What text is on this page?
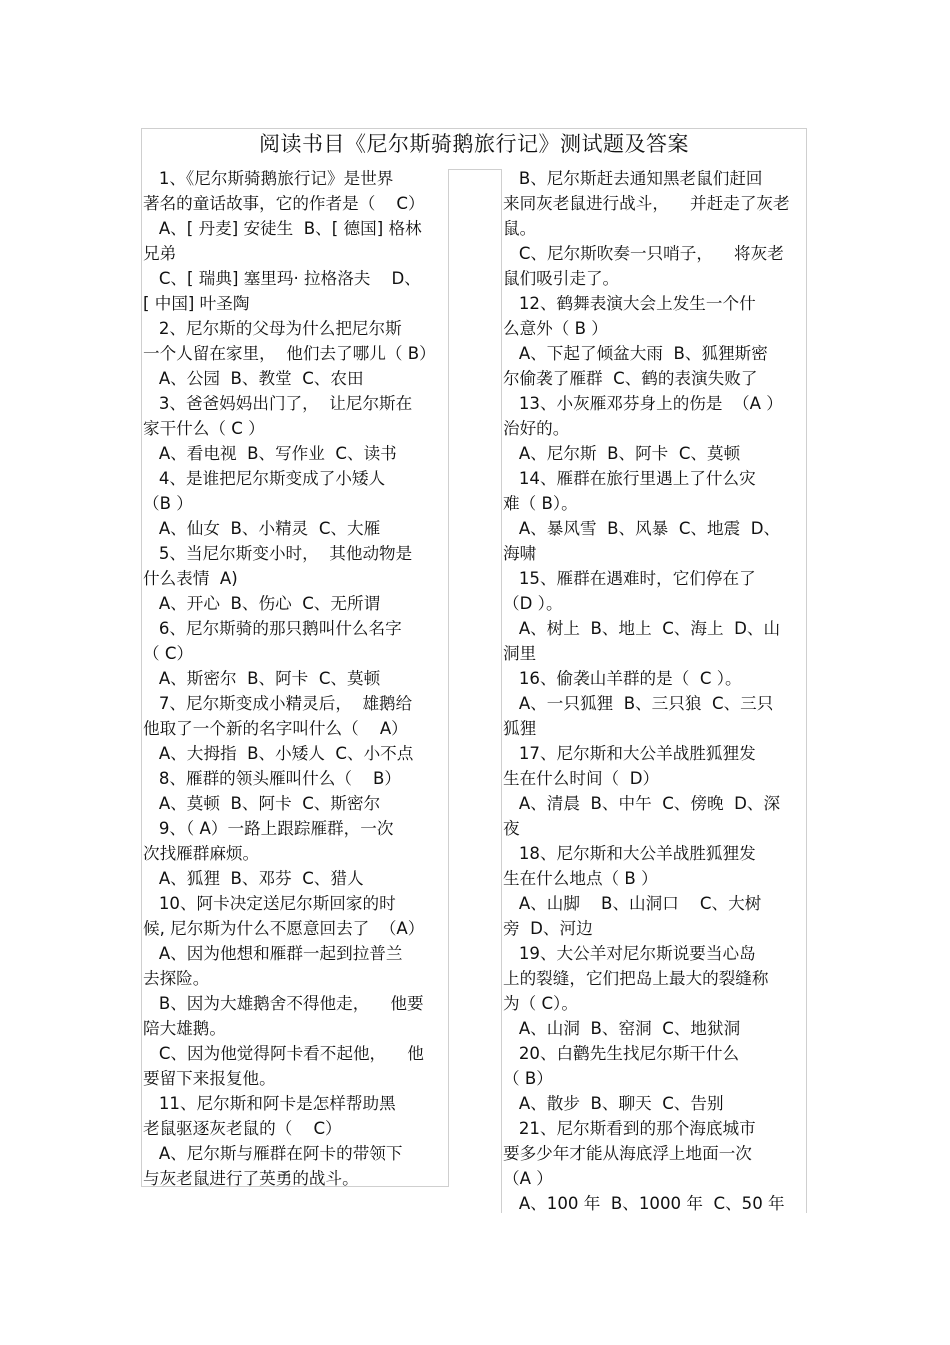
阅读书目《尼尔斯骑鹅旅行记》测试题及答案
1、《尼尔斯骑鹅旅行记》是世界
著名的童话故事，它的作者是（    C）
A、[ 丹麦] 安徒生  B、[ 德国] 格林
兄弟
C、[ 瑞典] 塞里玛· 拉格洛夫    D、
[ 中国] 叶圣陶
2、尼尔斯的父母为什么把尼尔斯
一个人留在家里，  他们去了哪儿（ B）
A、公园  B、教堂  C、农田
3、爸爸妈妈出门了，  让尼尔斯在
家干什么（ C ）
A、看电视  B、写作业  C、读书
4、是谁把尼尔斯变成了小矮人
（B ）
A、仙女  B、小精灵  C、大雁
5、当尼尔斯变小时，  其他动物是
什么表情  A)
A、开心  B、伤心  C、无所谓
6、尼尔斯骑的那只鹅叫什么名字
（ C）
A、斯密尔  B、阿卡  C、莫顿
7、尼尔斯变成小精灵后，  雄鹅给
他取了一个新的名字叫什么（    A）
A、大拇指  B、小矮人  C、小不点
8、雁群的领头雁叫什么（    B）
A、莫顿  B、阿卡  C、斯密尔
9、（ A）一路上跟踪雁群，一次
次找雁群麻烦。
A、狐狸  B、邓芬  C、猎人
10、阿卡决定送尼尔斯回家的时
候, 尼尔斯为什么不愿意回去了  （A）
A、因为他想和雁群一起到拉普兰
去探险。
B、因为大雄鹅舍不得他走，    他要
陪大雄鹅。
C、因为他觉得阿卡看不起他，    他
要留下来报复他。
11、尼尔斯和阿卡是怎样帮助黑
老鼠驱逐灰老鼠的（    C）
A、尼尔斯与雁群在阿卡的带领下
与灰老鼠进行了英勇的战斗。
B、尼尔斯赶去通知黑老鼠们赶回
来同灰老鼠进行战斗，    并赶走了灰老
鼠。
C、尼尔斯吹奏一只哨子，    将灰老
鼠们吸引走了。
12、鹤舞表演大会上发生一个什
么意外（ B ）
A、下起了倾盆大雨  B、狐狸斯密
尔偷袭了雁群  C、鹤的表演失败了
13、小灰雁邓芬身上的伤是  （A ）
治好的。
A、尼尔斯  B、阿卡  C、莫顿
14、雁群在旅行里遇上了什么灾
难（ B）。
A、暴风雪  B、风暴  C、地震  D、
海啸
15、雁群在遇难时，它们停在了
（D ）。
A、树上  B、地上  C、海上  D、山
洞里
16、偷袭山羊群的是（  C ）。
A、一只狐狸  B、三只狼  C、三只
狐狸
17、尼尔斯和大公羊战胜狐狸发
生在什么时间（  D）
A、清晨  B、中午  C、傍晚  D、深
夜
18、尼尔斯和大公羊战胜狐狸发
生在什么地点（ B ）
A、山脚    B、山洞口    C、大树
旁  D、河边
19、大公羊对尼尔斯说要当心岛
上的裂缝，它们把岛上最大的裂缝称
为（ C）。
A、山洞  B、窑洞  C、地狱洞
20、白鹳先生找尼尔斯干什么
（ B）
A、散步  B、聊天  C、告别
21、尼尔斯看到的那个海底城市
要多少年才能从海底浮上地面一次
（A ）
A、100 年  B、1000 年  C、50 年
